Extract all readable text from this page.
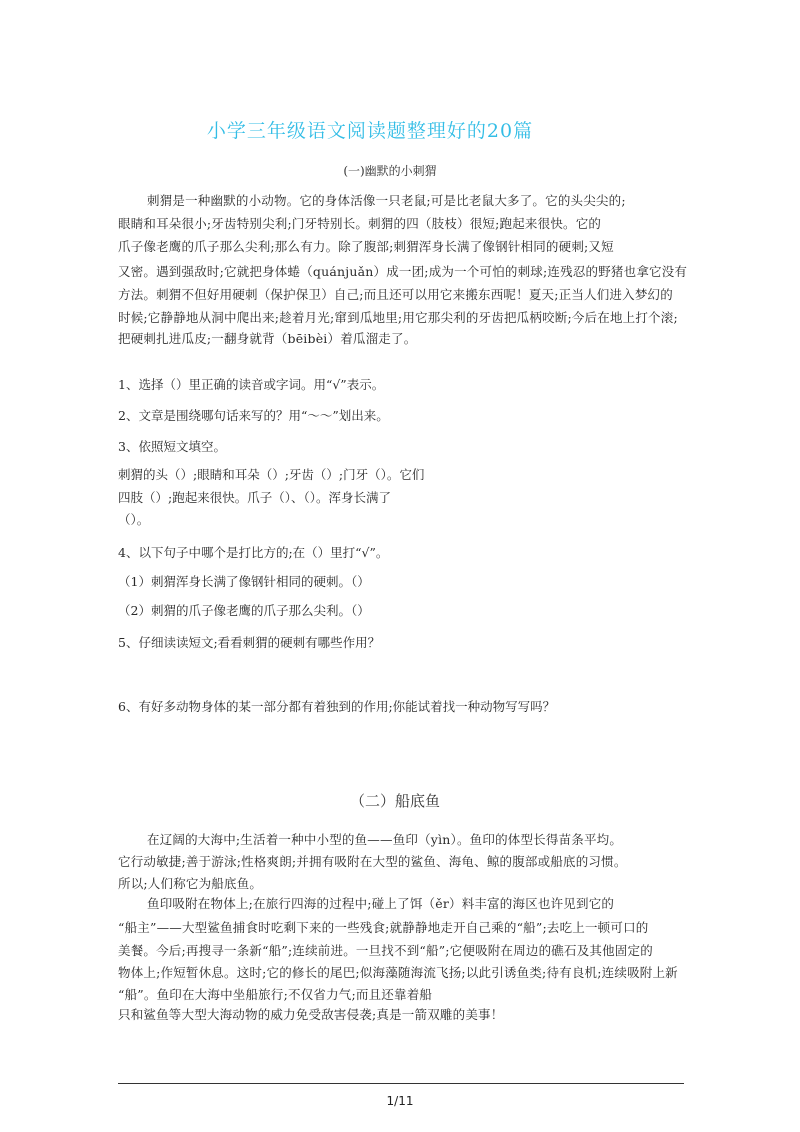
小学三年级语文阅读题整理好的20篇
(一)幽默的小刺猬
刺猬是一种幽默的小动物。它的身体活像一只老鼠;可是比老鼠大多了。它的头尖尖的;
眼睛和耳朵很小;牙齿特别尖利;门牙特别长。刺猬的四（肢枝）很短;跑起来很快。它的
爪子像老鹰的爪子那么尖利;那么有力。除了腹部;刺猬浑身长满了像钢针相同的硬刺;又短
又密。遇到强敌时;它就把身体蜷（quánjuǎn）成一团;成为一个可怕的刺球;连残忍的野猪也拿它没有
方法。刺猬不但好用硬刺（保护保卫）自己;而且还可以用它来搬东西呢！夏天;正当人们进入梦幻的
时候;它静静地从洞中爬出来;趁着月光;窜到瓜地里;用它那尖利的牙齿把瓜柄咬断;今后在地上打个滚;
把硬刺扎进瓜皮;一翻身就背（bēibèi）着瓜溜走了。
1、选择（）里正确的读音或字词。用“√”表示。
2、文章是围绕哪句话来写的？用“～～”划出来。
3、依照短文填空。
刺猬的头（）;眼睛和耳朵（）;牙齿（）;门牙（）。它们
四肢（）;跑起来很快。爪子（）、（）。浑身长满了
（）。
4、以下句子中哪个是打比方的;在（）里打“√”。
（1）刺猬浑身长满了像钢针相同的硬刺。（）
（2）刺猬的爪子像老鹰的爪子那么尖利。（）
5、仔细读读短文;看看刺猬的硬刺有哪些作用？
6、有好多动物身体的某一部分都有着独到的作用;你能试着找一种动物写写吗？
（二）船底鱼
在辽阔的大海中;生活着一种中小型的鱼——鱼印（yìn）。鱼印的体型长得苗条平均。
它行动敏捷;善于游泳;性格爽朗;并拥有吸附在大型的鲨鱼、海龟、鲸的腹部或船底的习惯。
所以;人们称它为船底鱼。
鱼印吸附在物体上;在旅行四海的过程中;碰上了饵（ěr）料丰富的海区也许见到它的
“船主”——大型鲨鱼捕食时吃剩下来的一些残食;就静静地走开自己乘的“船”;去吃上一顿可口的
美餐。今后;再搜寻一条新“船”;连续前进。一旦找不到“船”;它便吸附在周边的礁石及其他固定的
物体上;作短暂休息。这时;它的修长的尾巴;似海藻随海流飞扬;以此引诱鱼类;待有良机;连续吸附上新
“船”。鱼印在大海中坐船旅行;不仅省力气;而且还靠着船
只和鲨鱼等大型大海动物的威力免受敌害侵袭;真是一箭双雕的美事！
1/11
